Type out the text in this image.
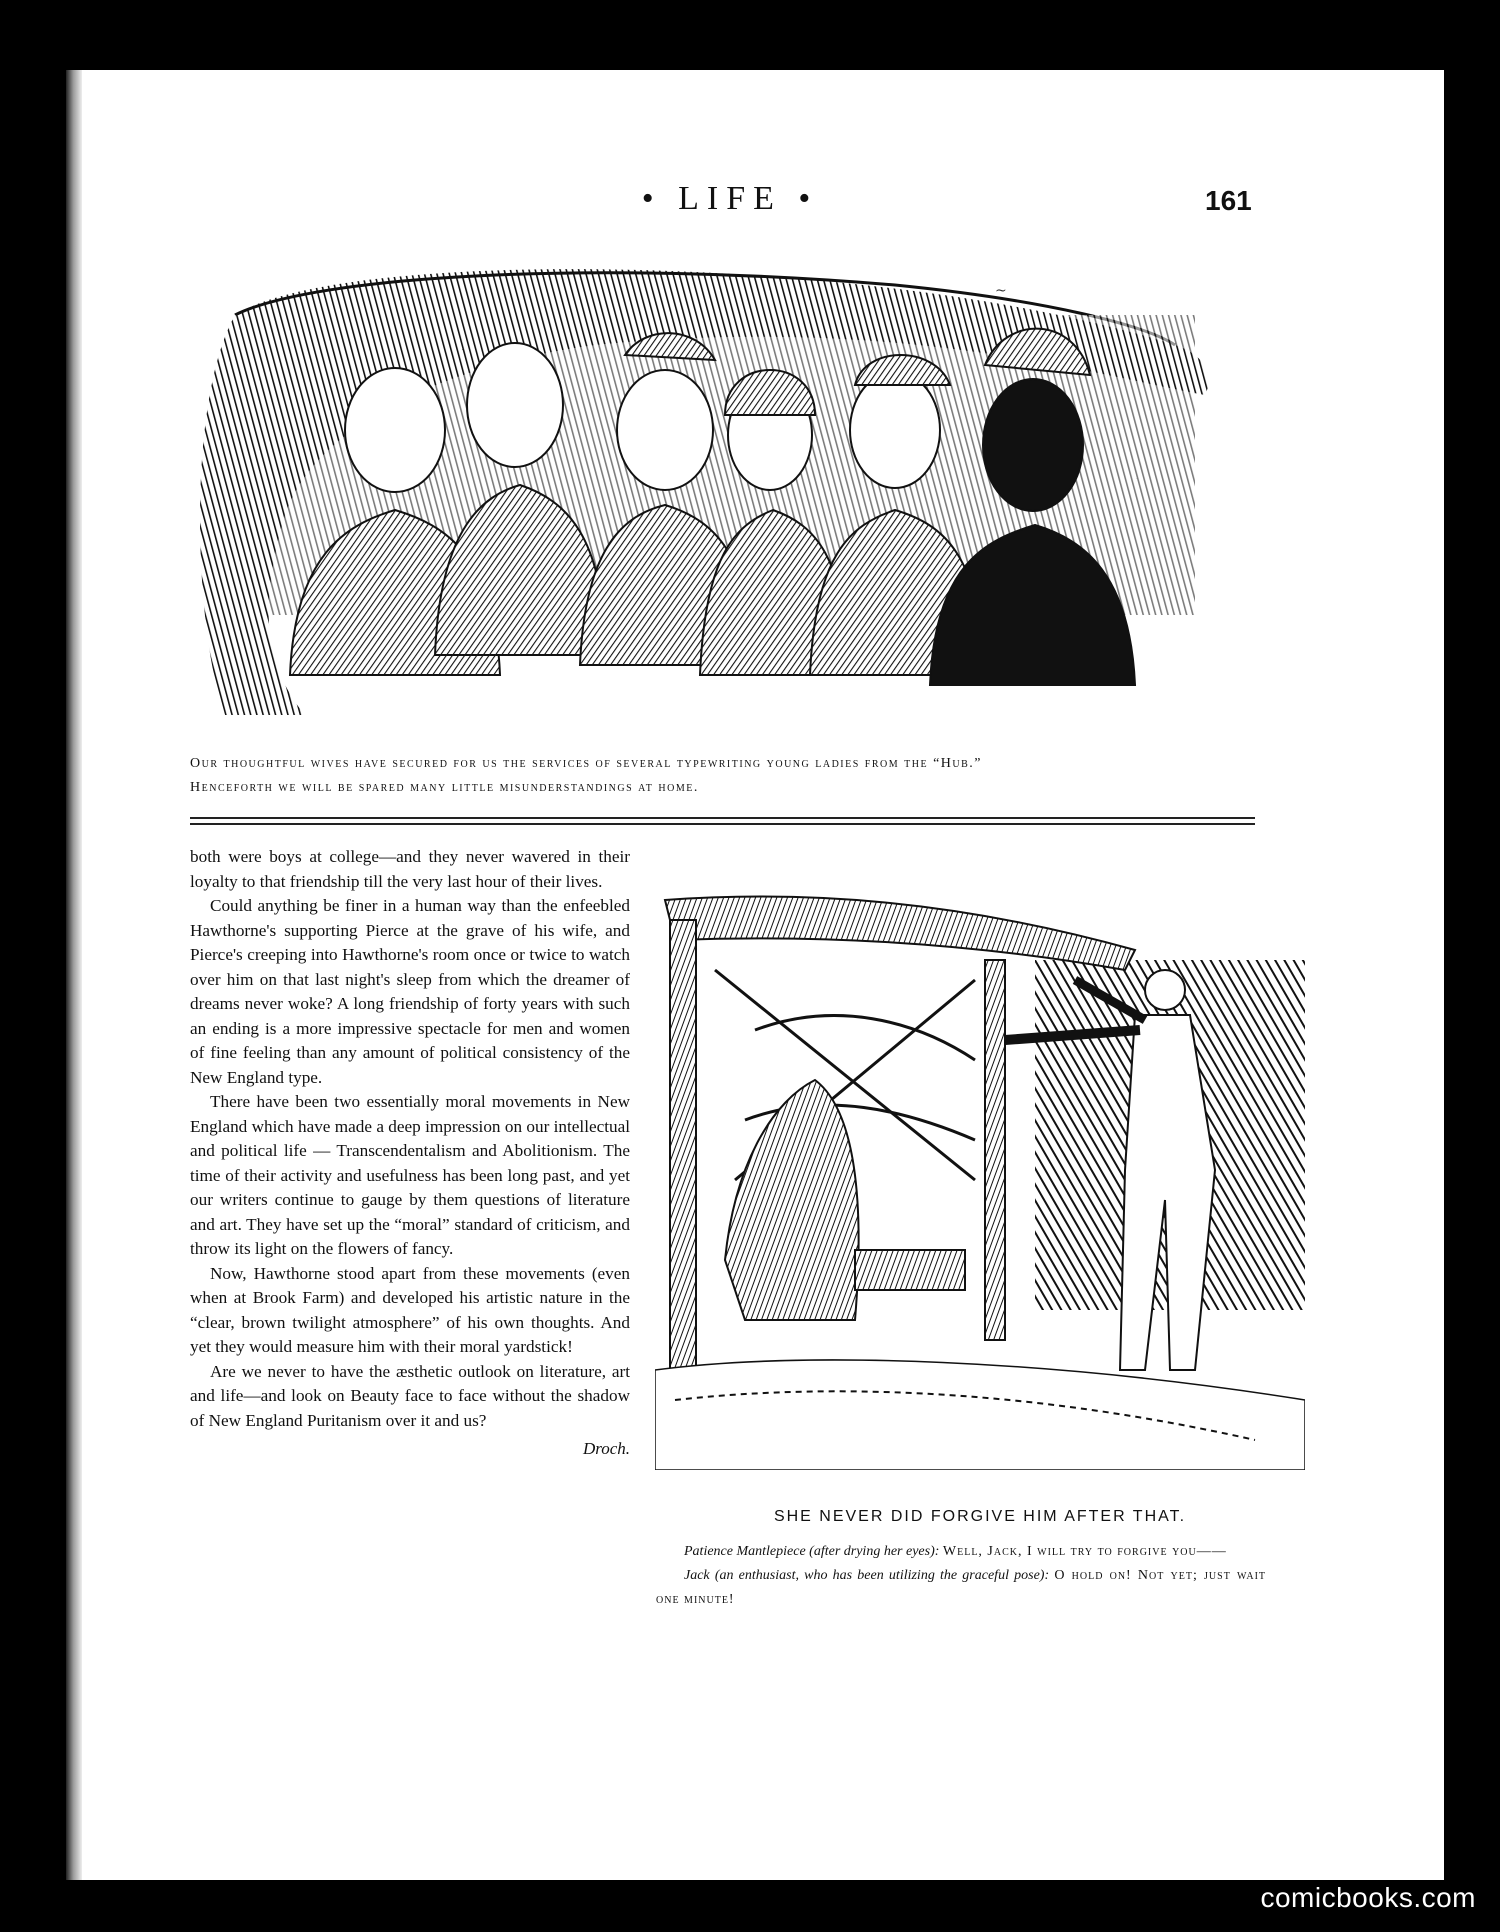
• LIFE •	161
~

Our thoughtful wives have secured for us the services of several typewriting young ladies from the “Hub.”

Henceforth we will be spared many little misunderstandings at home.

both were boys at college—and they never wavered in their loyalty to that friendship till the very last hour of their lives.

Could anything be finer in a human way than the enfeebled Hawthorne's supporting Pierce at the grave of his wife, and Pierce's creeping into Hawthorne's room once or twice to watch over him on that last night's sleep from which the dreamer of dreams never woke? A long friendship of forty years with such an ending is a more impressive spectacle for men and women of fine feeling than any amount of political consistency of the New England type.

There have been two essentially moral movements in New England which have made a deep impression on our intellectual and political life — Transcendentalism and Abolitionism. The time of their activity and usefulness has been long past, and yet our writers continue to gauge by them questions of literature and art. They have set up the “moral” standard of criticism, and throw its light on the flowers of fancy.

Now, Hawthorne stood apart from these movements (even when at Brook Farm) and developed his artistic nature in the “clear, brown twilight atmosphere” of his own thoughts. And yet they would measure him with their moral yardstick!

Are we never to have the æsthetic outlook on literature, art and life—and look on Beauty face to face without the shadow of New England Puritanism over it and us?

Droch.
SHE NEVER DID FORGIVE HIM AFTER THAT.

Patience Mantlepiece (after drying her eyes): Well, Jack, I will try to forgive you——

Jack (an enthusiast, who has been utilizing the graceful pose): O hold on! Not yet; just wait one minute!

comicbooks.com
